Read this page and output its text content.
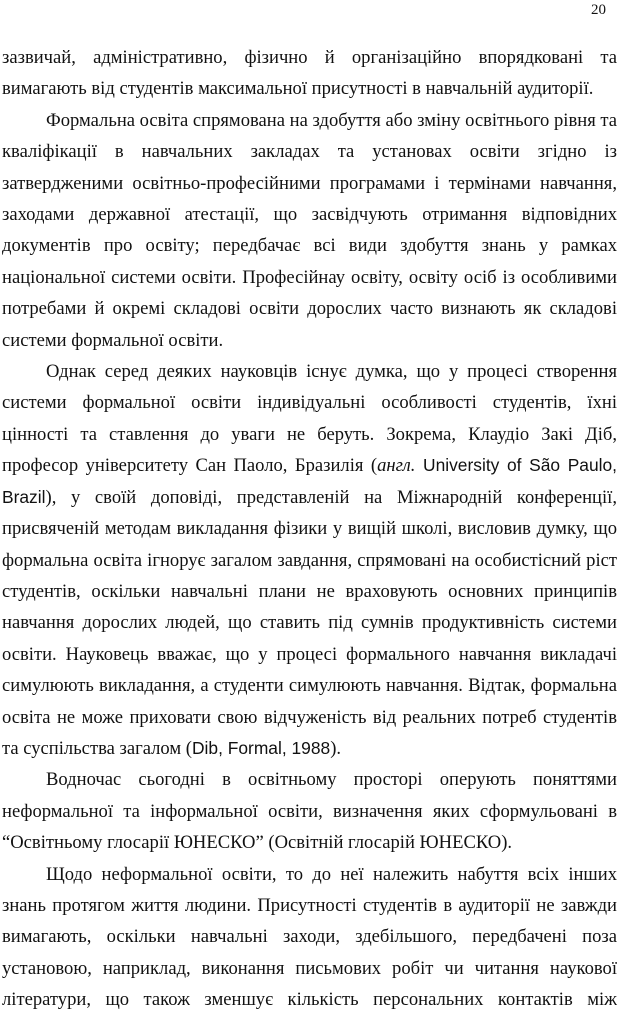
20

зазвичай, адміністративно, фізично й організаційно впорядковані та вимагають від студентів максимальної присутності в навчальній аудиторії.

Формальна освіта спрямована на здобуття або зміну освітнього рівня та кваліфікації в навчальних закладах та установах освіти згідно із затвердженими освітньо-професійними програмами і термінами навчання, заходами державної атестації, що засвідчують отримання відповідних документів про освіту; передбачає всі види здобуття знань у рамках національної системи освіти. Професійнау освіту, освіту осіб із особливими потребами й окремі складові освіти дорослих часто визнають як складові системи формальної освіти.

Однак серед деяких науковців існує думка, що у процесі створення системи формальної освіти індивідуальні особливості студентів, їхні цінності та ставлення до уваги не беруть. Зокрема, Клаудіо Закі Діб, професор університету Сан Паоло, Бразилія (англ. University of São Paulo, Brazil), у своїй доповіді, представленій на Міжнародній конференції, присвяченій методам викладання фізики у вищій школі, висловив думку, що формальна освіта ігнорує загалом завдання, спрямовані на особистісний ріст студентів, оскільки навчальні плани не враховують основних принципів навчання дорослих людей, що ставить під сумнів продуктивність системи освіти. Науковець вважає, що у процесі формального навчання викладачі симулюють викладання, а студенти симулюють навчання. Відтак, формальна освіта не може приховати свою відчуженість від реальних потреб студентів та суспільства загалом (Dib, Formal, 1988).

Водночас сьогодні в освітньому просторі оперують поняттями неформальної та інформальної освіти, визначення яких сформульовані в “Освітньому глосарії ЮНЕСКО” (Освітній глосарій ЮНЕСКО).

Щодо неформальної освіти, то до неї належить набуття всіх інших знань протягом життя людини. Присутності студентів в аудиторії не завжди вимагають, оскільки навчальні заходи, здебільшого, передбачені поза установою, наприклад, виконання письмових робіт чи читання наукової літератури, що також зменшує кількість персональних контактів між
